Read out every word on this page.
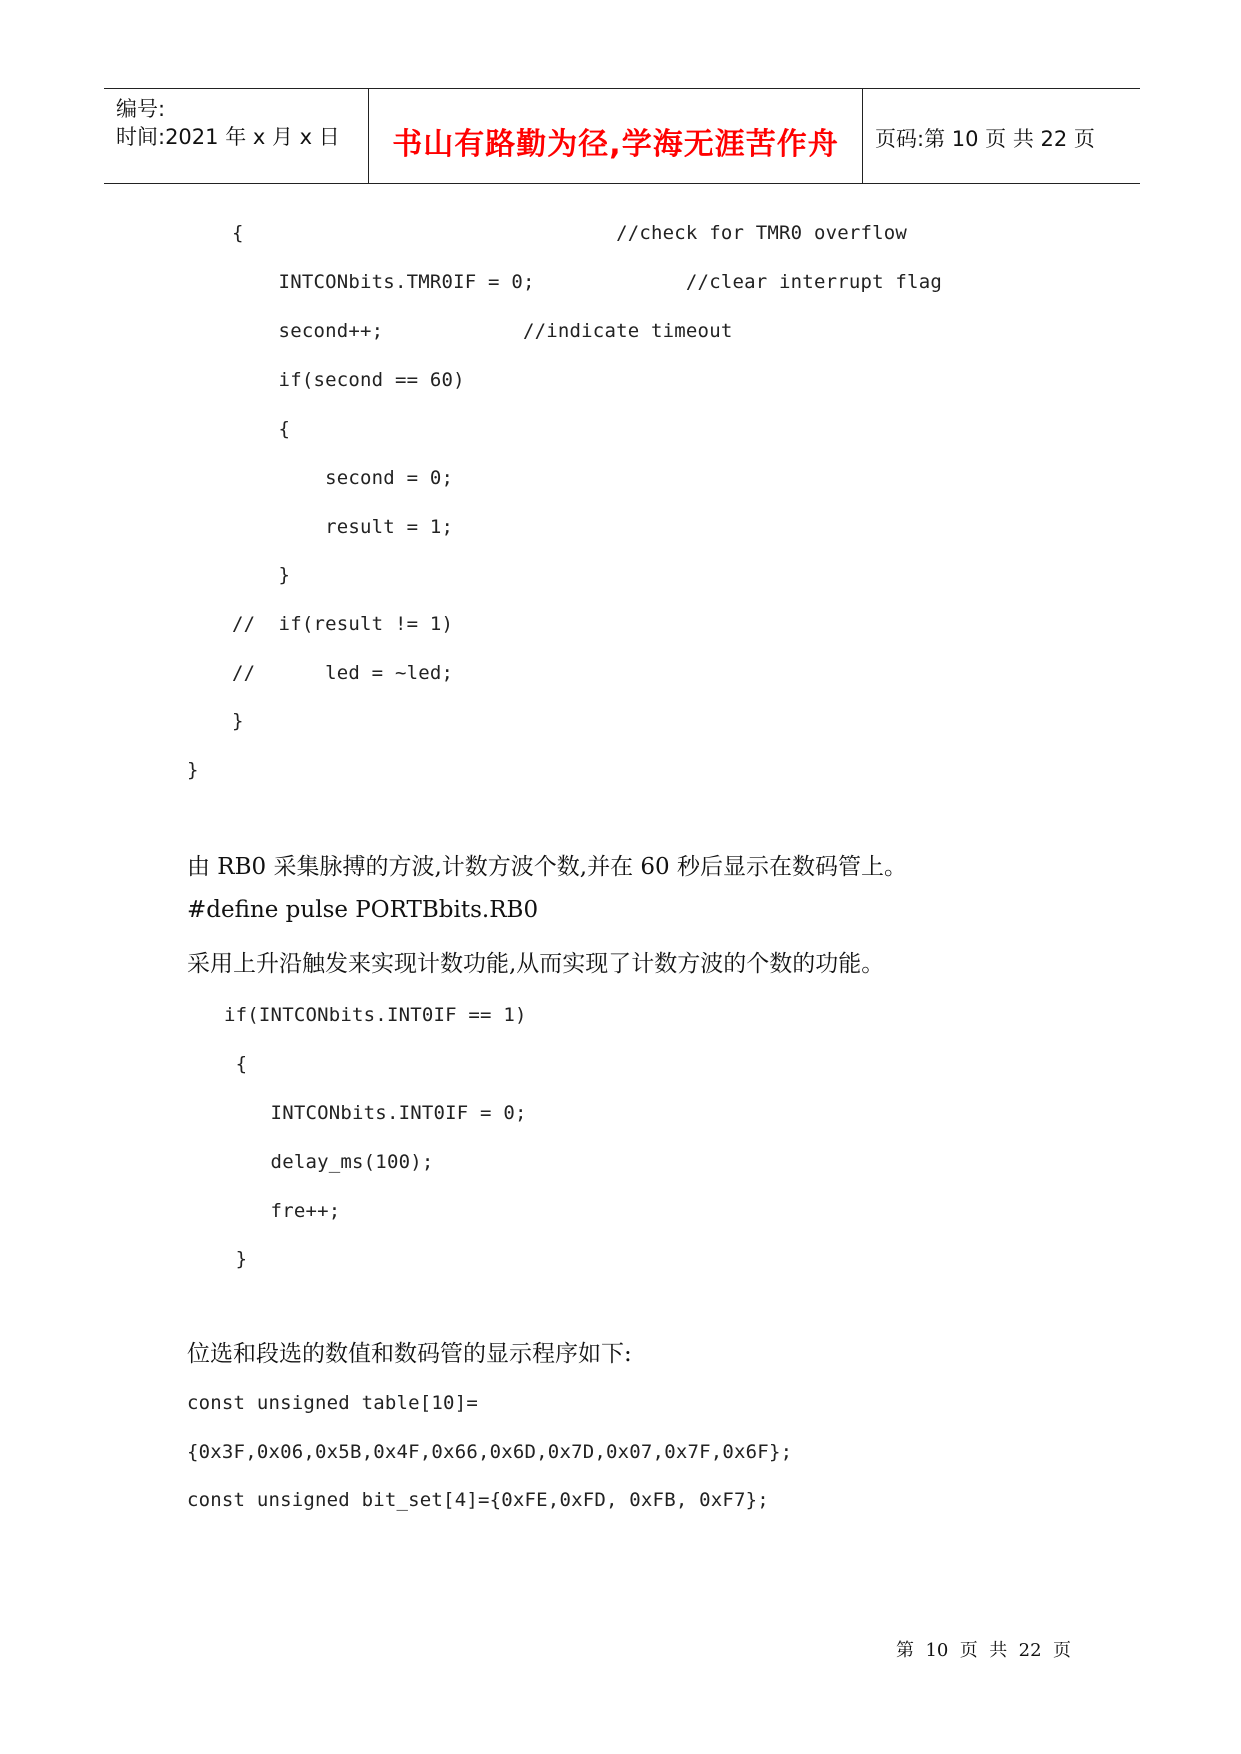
编号:
时间:2021 年 x 月 x 日	书山有路勤为径,学海无涯苦作舟	页码:第 10 页 共 22 页
{                                //check for TMR0 overflow
INTCONbits.TMR0IF = 0;             //clear interrupt flag
second++;            //indicate timeout
if(second == 60)
{
second = 0;
result = 1;
}
//  if(result != 1)
//      led = ~led;
}
}
由 RB0 采集脉搏的方波,计数方波个数,并在 60 秒后显示在数码管上。
#define pulse PORTBbits.RB0
采用上升沿触发来实现计数功能,从而实现了计数方波的个数的功能。
if(INTCONbits.INT0IF == 1)
{
INTCONbits.INT0IF = 0;
delay_ms(100);
fre++;
}
位选和段选的数值和数码管的显示程序如下:
const unsigned table[10]=
{0x3F,0x06,0x5B,0x4F,0x66,0x6D,0x7D,0x07,0x7F,0x6F};
const unsigned bit_set[4]={0xFE,0xFD, 0xFB, 0xF7};
第  10  页  共  22  页
